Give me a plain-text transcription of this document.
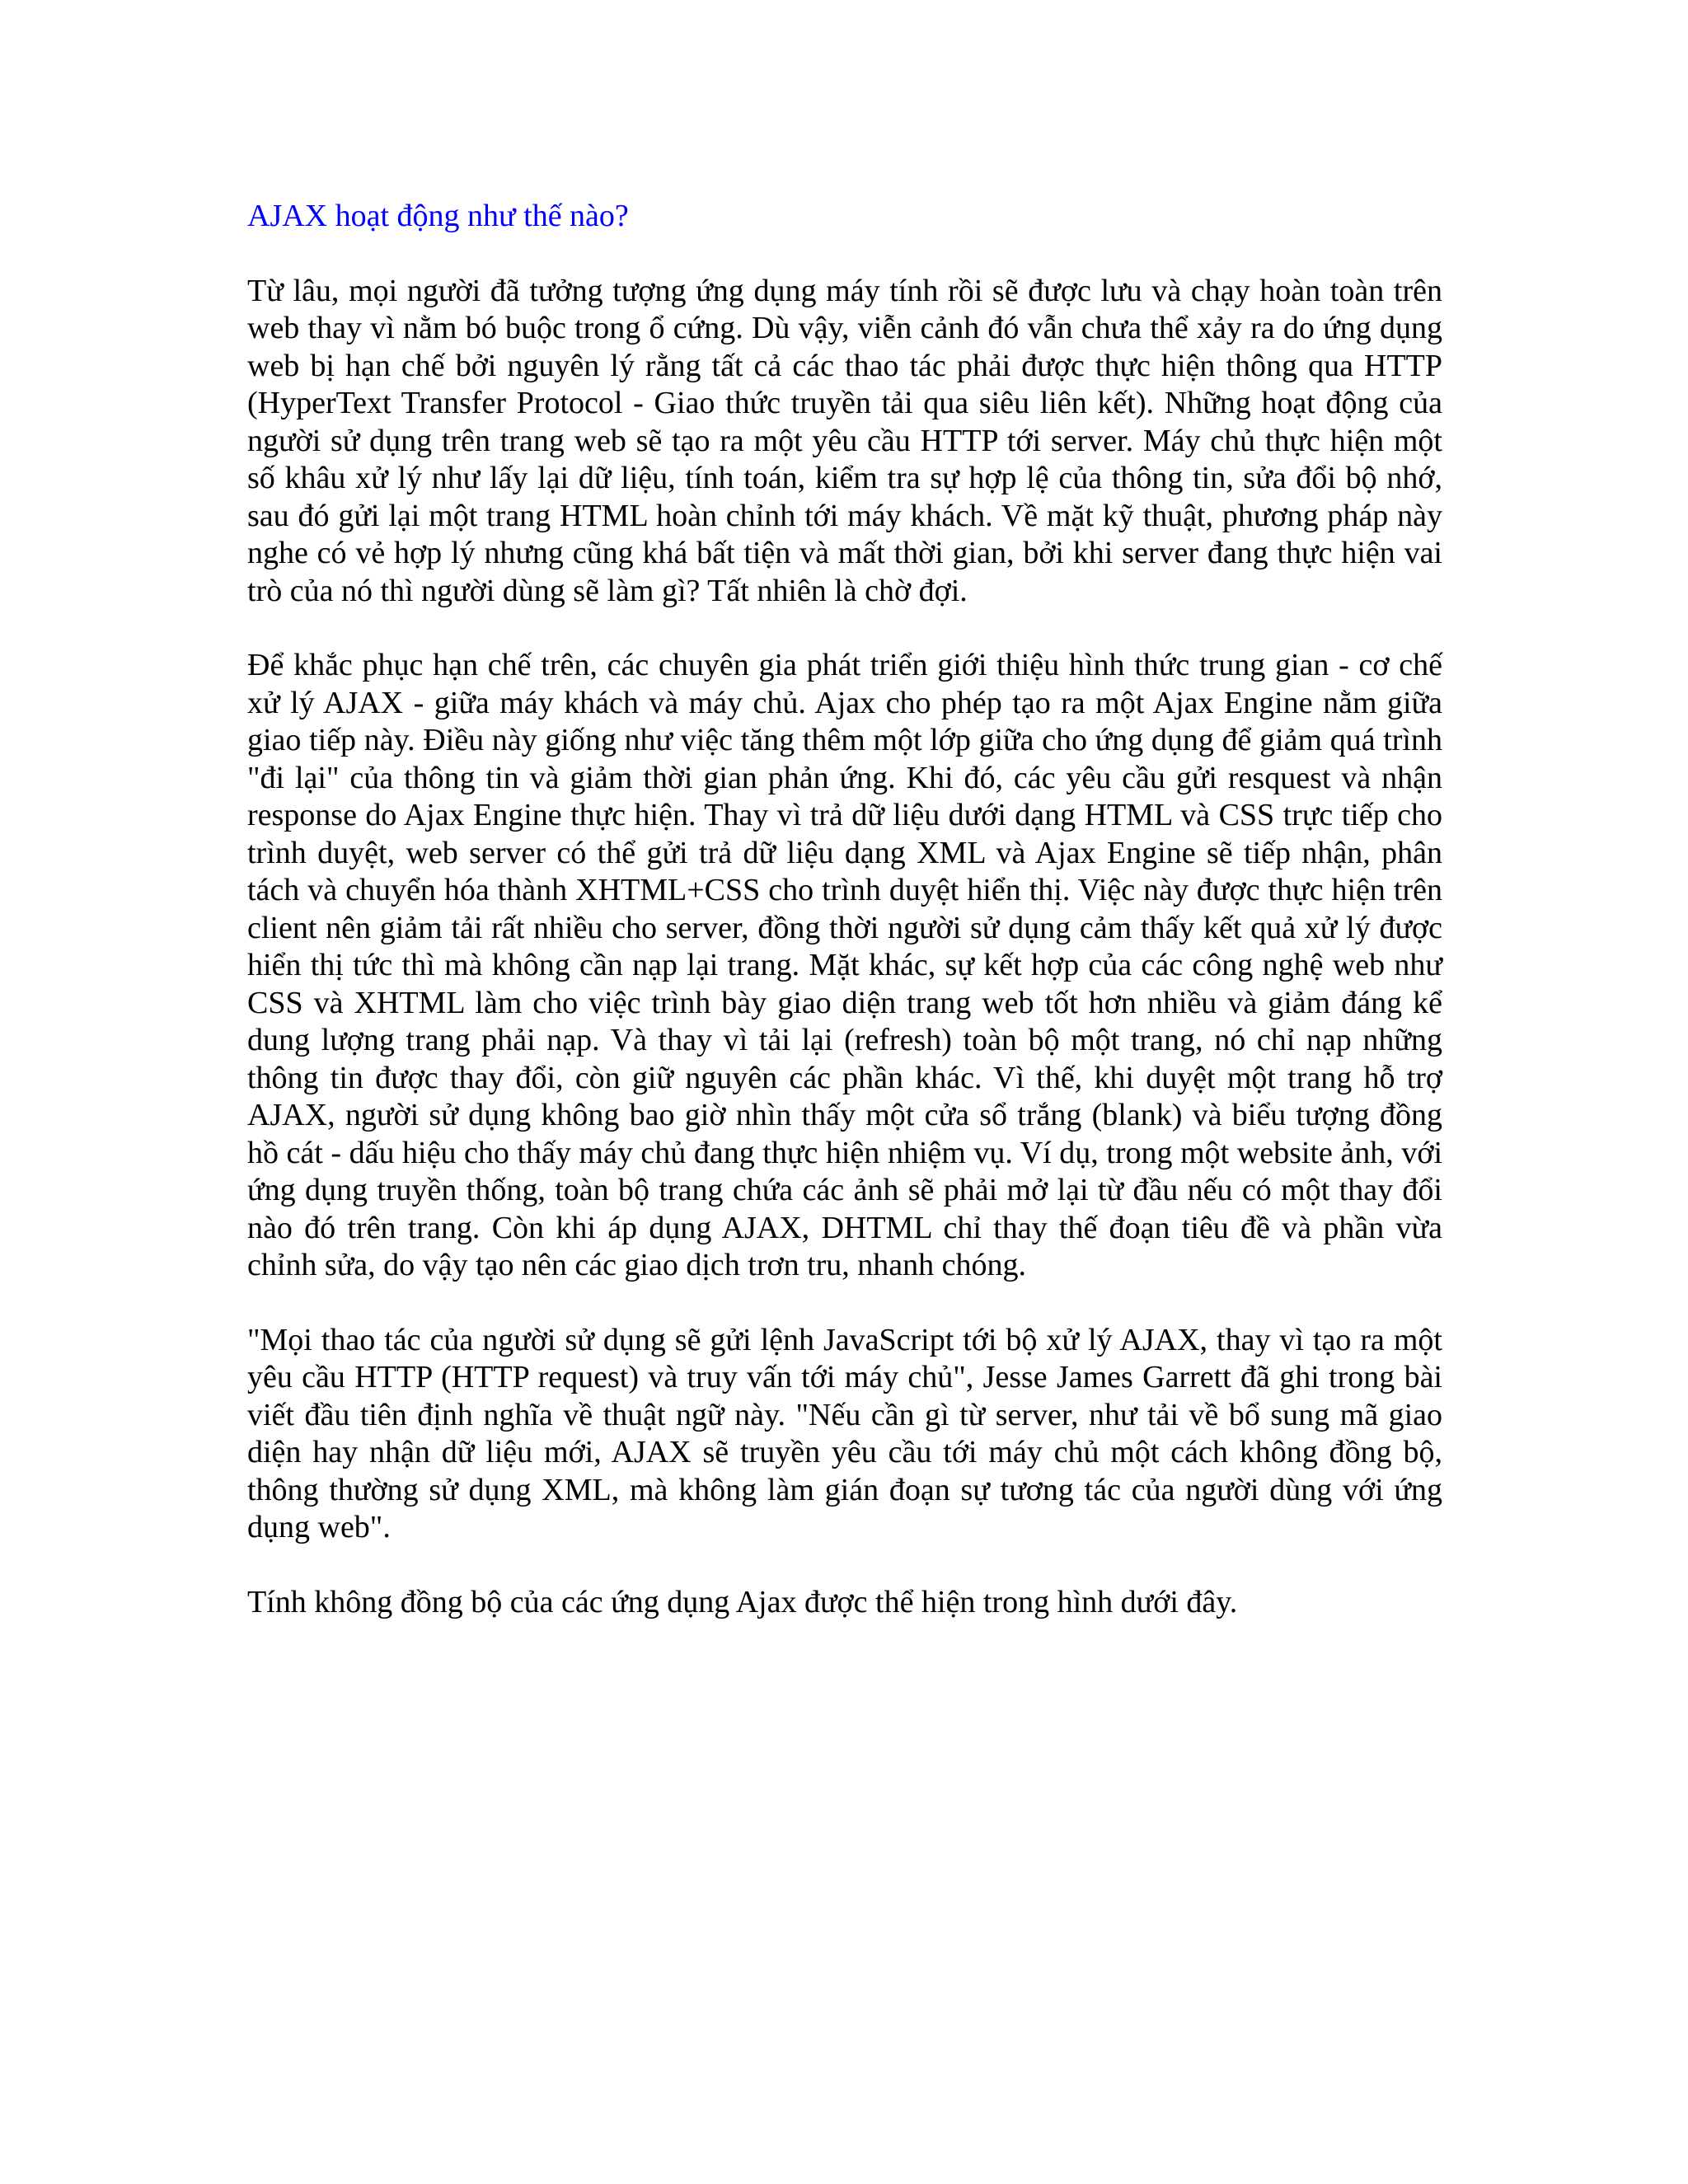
AJAX hoạt động như thế nào?

Từ lâu, mọi người đã tưởng tượng ứng dụng máy tính rồi sẽ được lưu và chạy hoàn toàn trên web thay vì nằm bó buộc trong ổ cứng. Dù vậy, viễn cảnh đó vẫn chưa thể xảy ra do ứng dụng web bị hạn chế bởi nguyên lý rằng tất cả các thao tác phải được thực hiện thông qua HTTP (HyperText Transfer Protocol - Giao thức truyền tải qua siêu liên kết). Những hoạt động của người sử dụng trên trang web sẽ tạo ra một yêu cầu HTTP tới server. Máy chủ thực hiện một số khâu xử lý như lấy lại dữ liệu, tính toán, kiểm tra sự hợp lệ của thông tin, sửa đổi bộ nhớ, sau đó gửi lại một trang HTML hoàn chỉnh tới máy khách. Về mặt kỹ thuật, phương pháp này nghe có vẻ hợp lý nhưng cũng khá bất tiện và mất thời gian, bởi khi server đang thực hiện vai trò của nó thì người dùng sẽ làm gì? Tất nhiên là chờ đợi.

Để khắc phục hạn chế trên, các chuyên gia phát triển giới thiệu hình thức trung gian - cơ chế xử lý AJAX - giữa máy khách và máy chủ. Ajax cho phép tạo ra một Ajax Engine nằm giữa giao tiếp này. Điều này giống như việc tăng thêm một lớp giữa cho ứng dụng để giảm quá trình "đi lại" của thông tin và giảm thời gian phản ứng. Khi đó, các yêu cầu gửi resquest và nhận response do Ajax Engine thực hiện. Thay vì trả dữ liệu dưới dạng HTML và CSS trực tiếp cho trình duyệt, web server có thể gửi trả dữ liệu dạng XML và Ajax Engine sẽ tiếp nhận, phân tách và chuyển hóa thành XHTML+CSS cho trình duyệt hiển thị. Việc này được thực hiện trên client nên giảm tải rất nhiều cho server, đồng thời người sử dụng cảm thấy kết quả xử lý được hiển thị tức thì mà không cần nạp lại trang. Mặt khác, sự kết hợp của các công nghệ web như CSS và XHTML làm cho việc trình bày giao diện trang web tốt hơn nhiều và giảm đáng kể dung lượng trang phải nạp. Và thay vì tải lại (refresh) toàn bộ một trang, nó chỉ nạp những thông tin được thay đổi, còn giữ nguyên các phần khác. Vì thế, khi duyệt một trang hỗ trợ AJAX, người sử dụng không bao giờ nhìn thấy một cửa sổ trắng (blank) và biểu tượng đồng hồ cát - dấu hiệu cho thấy máy chủ đang thực hiện nhiệm vụ. Ví dụ, trong một website ảnh, với ứng dụng truyền thống, toàn bộ trang chứa các ảnh sẽ phải mở lại từ đầu nếu có một thay đổi nào đó trên trang. Còn khi áp dụng AJAX, DHTML chỉ thay thế đoạn tiêu đề và phần vừa chỉnh sửa, do vậy tạo nên các giao dịch trơn tru, nhanh chóng.

"Mọi thao tác của người sử dụng sẽ gửi lệnh JavaScript tới bộ xử lý AJAX, thay vì tạo ra một yêu cầu HTTP (HTTP request) và truy vấn tới máy chủ", Jesse James Garrett đã ghi trong bài viết đầu tiên định nghĩa về thuật ngữ này. "Nếu cần gì từ server, như tải về bổ sung mã giao diện hay nhận dữ liệu mới, AJAX sẽ truyền yêu cầu tới máy chủ một cách không đồng bộ, thông thường sử dụng XML, mà không làm gián đoạn sự tương tác của người dùng với ứng dụng web".

Tính không đồng bộ của các ứng dụng Ajax được thể hiện trong hình dưới đây.
